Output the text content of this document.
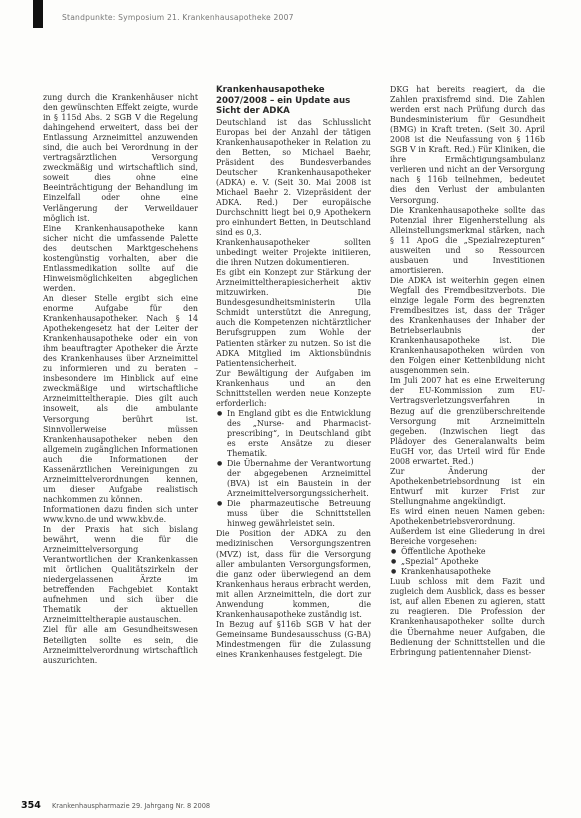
Standpunkte: Symposium 21. Krankenhausapotheke 2007

zung durch die Krankenhäuser nicht den gewünschten Effekt zeigte, wurde in § 115d Abs. 2 SGB V die Regelung dahingehend erweitert, dass bei der Entlassung Arzneimittel anzuwenden sind, die auch bei Verordnung in der vertragsärztlichen Versorgung zweckmäßig und wirtschaftlich sind, soweit dies ohne eine Beeinträchtigung der Behandlung im Einzelfall oder ohne eine Verlängerung der Verweildauer möglich ist.

Eine Krankenhausapotheke kann sicher nicht die umfassende Palette des deutschen Marktgeschehens kostengünstig vorhalten, aber die Entlassmedikation sollte auf die Hinweismöglichkeiten abgeglichen werden.

An dieser Stelle ergibt sich eine enorme Aufgabe für den Krankenhausapotheker. Nach § 14 Apothekengesetz hat der Leiter der Krankenhausapotheke oder ein von ihm beauftragter Apotheker die Ärzte des Krankenhauses über Arzneimittel zu informieren und zu beraten – insbesondere im Hinblick auf eine zweckmäßige und wirtschaftliche Arzneimitteltherapie. Dies gilt auch insoweit, als die ambulante Versorgung berührt ist. Sinnvollerweise müssen Krankenhausapotheker neben den allgemein zugänglichen Informationen auch die Informationen der Kassenärztlichen Vereinigungen zu Arzneimittelverordnungen kennen, um dieser Aufgabe realistisch nachkommen zu können.

Informationen dazu finden sich unter www.kvno.de und www.kbv.de.

In der Praxis hat sich bislang bewährt, wenn die für die Arzneimittelversorgung Verantwortlichen der Krankenkassen mit örtlichen Qualitätszirkeln der niedergelassenen Ärzte im betreffenden Fachgebiet Kontakt aufnehmen und sich über die Thematik der aktuellen Arzneimitteltherapie austauschen.

Ziel für alle am Gesundheitswesen Beteiligten sollte es sein, die Arzneimittelverordnung wirtschaftlich auszurichten.

Krankenhausapotheke 2007/2008 – ein Update aus Sicht der ADKA

Deutschland ist das Schlusslicht Europas bei der Anzahl der tätigen Krankenhausapotheker in Relation zu den Betten, so Michael Baehr, Präsident des Bundesverbandes Deutscher Krankenhausapotheker (ADKA) e. V. (Seit 30. Mai 2008 ist Michael Baehr 2. Vizepräsident der ADKA. Red.) Der europäische Durchschnitt liegt bei 0,9 Apothekern pro einhundert Betten, in Deutschland sind es 0,3.

Krankenhausapotheker sollten unbedingt weiter Projekte initiieren, die ihren Nutzen dokumentieren.

Es gibt ein Konzept zur Stärkung der Arzneimitteltherapiesicherheit aktiv mitzuwirken. Die Bundesgesundheitsministerin Ulla Schmidt unterstützt die Anregung, auch die Kompetenzen nichtärztlicher Berufsgruppen zum Wohle der Patienten stärker zu nutzen. So ist die ADKA Mitglied im Aktionsbündnis Patientensicherheit.

Zur Bewältigung der Aufgaben im Krankenhaus und an den Schnittstellen werden neue Konzepte erforderlich:

● In England gibt es die Entwicklung des „Nurse- and Pharmacist-prescribing“, in Deutschland gibt es erste Ansätze zu dieser Thematik.
● Die Übernahme der Verantwortung der abgegebenen Arzneimittel (BVA) ist ein Baustein in der Arzneimittelversorgungssicherheit.
● Die pharmazeutische Betreuung muss über die Schnittstellen hinweg gewährleistet sein.

Die Position der ADKA zu den medizinischen Versorgungszentren (MVZ) ist, dass für die Versorgung aller ambulanten Versorgungsformen, die ganz oder überwiegend an dem Krankenhaus heraus erbracht werden, mit allen Arzneimitteln, die dort zur Anwendung kommen, die Krankenhausapotheke zuständig ist.

In Bezug auf §116b SGB V hat der Gemeinsame Bundesausschuss (G-BA) Mindestmengen für die Zulassung eines Krankenhauses festgelegt. Die

DKG hat bereits reagiert, da die Zahlen praxisfremd sind. Die Zahlen werden erst nach Prüfung durch das Bundesministerium für Gesundheit (BMG) in Kraft treten. (Seit 30. April 2008 ist die Neufassung von § 116b SGB V in Kraft. Red.) Für Kliniken, die ihre Ermächtigungsambulanz verlieren und nicht an der Versorgung nach § 116b teilnehmen, bedeutet dies den Verlust der ambulanten Versorgung.

Die Krankenhausapotheke sollte das Potenzial ihrer Eigenherstellung als Alleinstellungsmerkmal stärken, nach § 11 ApoG die „Spezialrezepturen“ ausweiten und so Ressourcen ausbauen und Investitionen amortisieren.

Die ADKA ist weiterhin gegen einen Wegfall des Fremdbesitzverbots. Die einzige legale Form des begrenzten Fremdbesitzes ist, dass der Träger des Krankenhauses der Inhaber der Betriebserlaubnis der Krankenhausapotheke ist. Die Krankenhausapotheken würden von den Folgen einer Kettenbildung nicht ausgenommen sein.

Im Juli 2007 hat es eine Erweiterung der EU-Kommission zum EU-Vertragsverletzungsverfahren in Bezug auf die grenzüberschreitende Versorgung mit Arzneimitteln gegeben. (Inzwischen liegt das Plädoyer des Generalanwalts beim EuGH vor, das Urteil wird für Ende 2008 erwartet. Red.)

Zur Änderung der Apothekenbetriebsordnung ist ein Entwurf mit kurzer Frist zur Stellungnahme angekündigt.

Es wird einen neuen Namen geben: Apothekenbetriebsverordnung. Außerdem ist eine Gliederung in drei Bereiche vorgesehen:

● Öffentliche Apotheke
● „Spezial“ Apotheke
● Krankenhausapotheke

Luub schloss mit dem Fazit und zugleich dem Ausblick, dass es besser ist, auf allen Ebenen zu agieren, statt zu reagieren. Die Profession der Krankenhausapotheker sollte durch die Übernahme neuer Aufgaben, die Bedienung der Schnittstellen und die Erbringung patientennaher Dienst-

354 Krankenhauspharmazie 29. Jahrgang Nr. 8 2008
